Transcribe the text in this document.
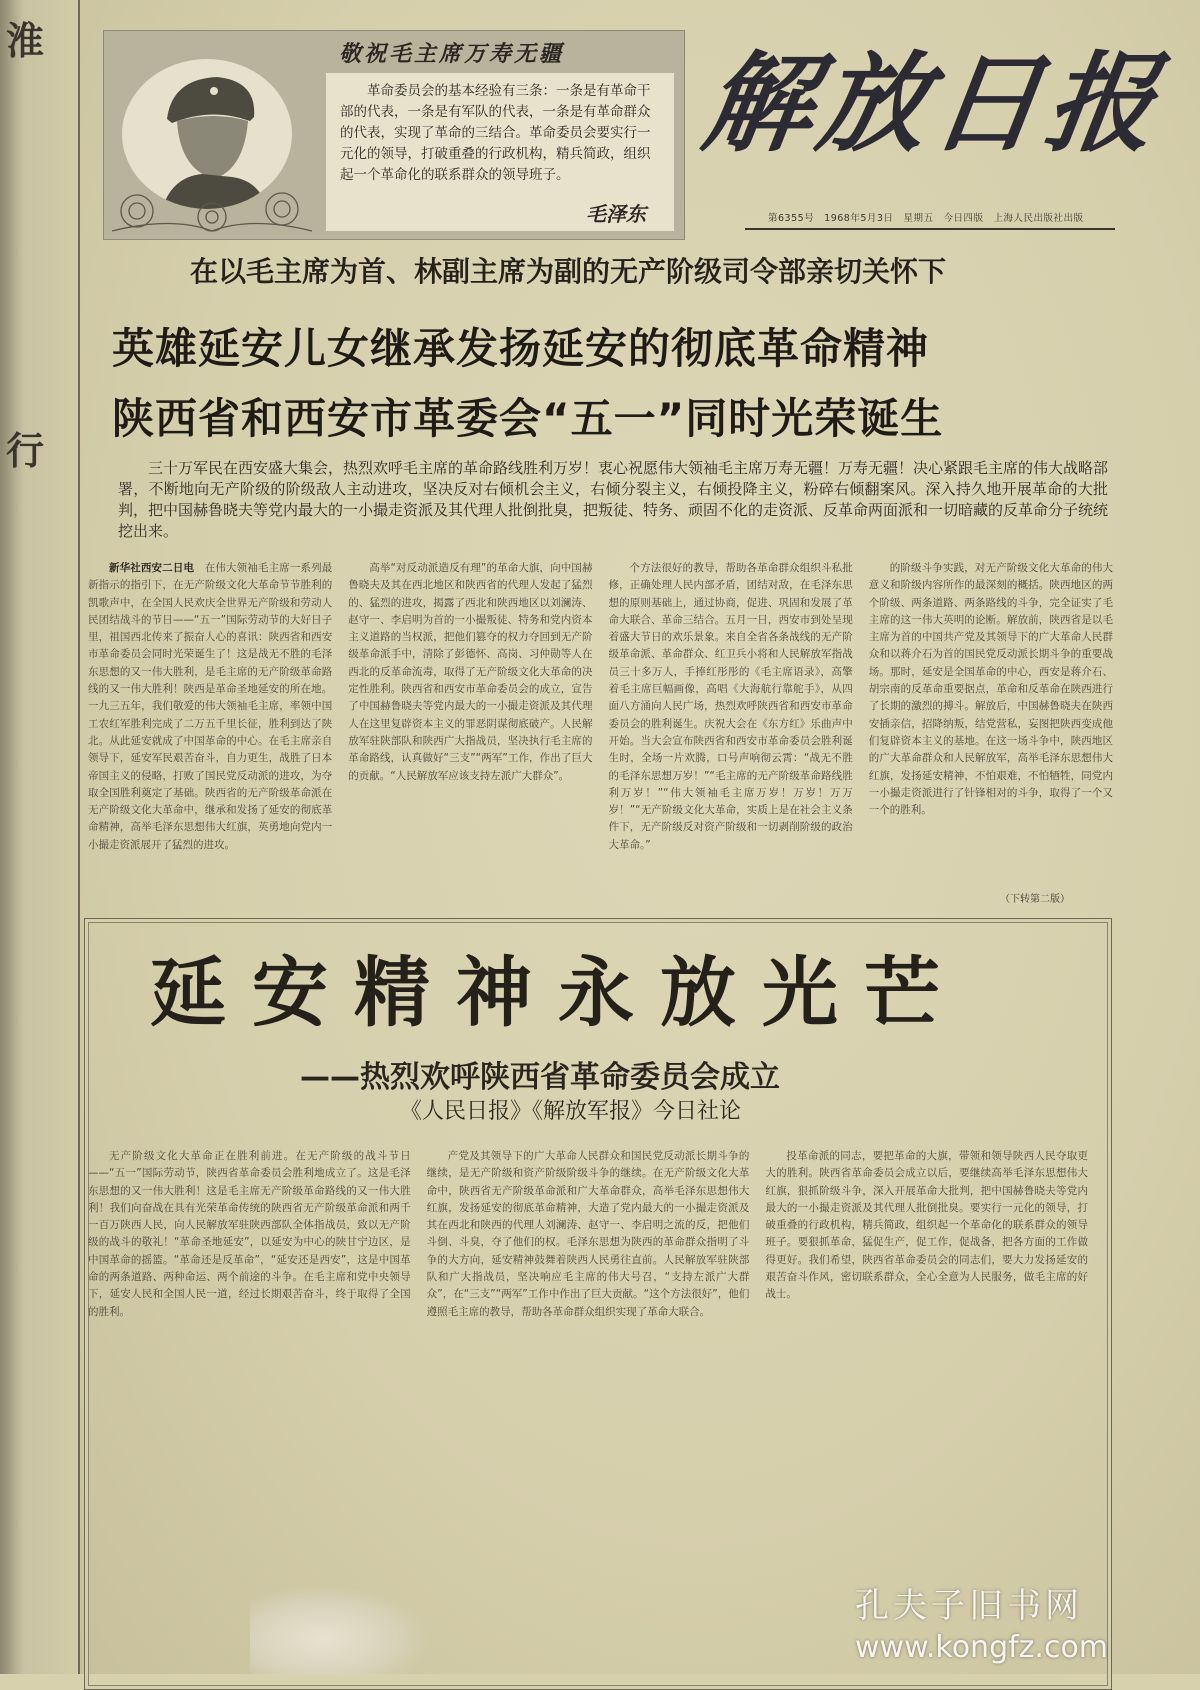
淮
行
敬祝毛主席万寿无疆
革命委员会的基本经验有三条：一条是有革命干部的代表，一条是有军队的代表，一条是有革命群众的代表，实现了革命的三结合。革命委员会要实行一元化的领导，打破重叠的行政机构，精兵简政，组织起一个革命化的联系群众的领导班子。
毛泽东
解放日报
第6355号　1968年5月3日　星期五　今日四版　上海人民出版社出版
在以毛主席为首、林副主席为副的无产阶级司令部亲切关怀下
英雄延安儿女继承发扬延安的彻底革命精神
陕西省和西安市革委会“五一”同时光荣诞生
三十万军民在西安盛大集会，热烈欢呼毛主席的革命路线胜利万岁！衷心祝愿伟大领袖毛主席万寿无疆！万寿无疆！决心紧跟毛主席的伟大战略部署，不断地向无产阶级的阶级敌人主动进攻，坚决反对右倾机会主义，右倾分裂主义，右倾投降主义，粉碎右倾翻案风。深入持久地开展革命的大批判，把中国赫鲁晓夫等党内最大的一小撮走资派及其代理人批倒批臭，把叛徒、特务、顽固不化的走资派、反革命两面派和一切暗藏的反革命分子统统挖出来。

新华社西安二日电　 在伟大领袖毛主席一系列最新指示的指引下，在无产阶级文化大革命节节胜利的凯歌声中，在全国人民欢庆全世界无产阶级和劳动人民团结战斗的节日——“五一”国际劳动节的大好日子里，祖国西北传来了振奋人心的喜讯：陕西省和西安市革命委员会同时光荣诞生了！这是战无不胜的毛泽东思想的又一伟大胜利，是毛主席的无产阶级革命路线的又一伟大胜利！陕西是革命圣地延安的所在地。一九三五年，我们敬爱的伟大领袖毛主席，率领中国工农红军胜利完成了二万五千里长征，胜利到达了陕北。从此延安就成了中国革命的中心。在毛主席亲自领导下，延安军民艰苦奋斗，自力更生，战胜了日本帝国主义的侵略，打败了国民党反动派的进攻，为夺取全国胜利奠定了基础。陕西省的无产阶级革命派在无产阶级文化大革命中，继承和发扬了延安的彻底革命精神，高举毛泽东思想伟大红旗，英勇地向党内一小撮走资派展开了猛烈的进攻。

高举“对反动派造反有理”的革命大旗，向中国赫鲁晓夫及其在西北地区和陕西省的代理人发起了猛烈的、猛烈的进攻，揭露了西北和陕西地区以刘澜涛、赵守一、李启明为首的一小撮叛徒、特务和党内资本主义道路的当权派，把他们篡夺的权力夺回到无产阶级革命派手中，清除了彭德怀、高岗、习仲勋等人在西北的反革命流毒，取得了无产阶级文化大革命的决定性胜利。陕西省和西安市革命委员会的成立，宣告了中国赫鲁晓夫等党内最大的一小撮走资派及其代理人在这里复辟资本主义的罪恶阴谋彻底破产。人民解放军驻陕部队和陕西广大指战员，坚决执行毛主席的革命路线，认真做好“三支”“两军”工作，作出了巨大的贡献。“人民解放军应该支持左派广大群众”。

个方法很好的教导，帮助各革命群众组织斗私批修，正确处理人民内部矛盾，团结对敌，在毛泽东思想的原则基础上，通过协商，促进、巩固和发展了革命大联合、革命三结合。五月一日，西安市到处呈现着盛大节日的欢乐景象。来自全省各条战线的无产阶级革命派、革命群众、红卫兵小将和人民解放军指战员三十多万人，手捧红彤彤的《毛主席语录》，高擎着毛主席巨幅画像，高唱《大海航行靠舵手》，从四面八方涌向人民广场，热烈欢呼陕西省和西安市革命委员会的胜利诞生。庆祝大会在《东方红》乐曲声中开始。当大会宣布陕西省和西安市革命委员会胜利诞生时，全场一片欢腾，口号声响彻云霄：“战无不胜的毛泽东思想万岁！”“毛主席的无产阶级革命路线胜利万岁！”“伟大领袖毛主席万岁！万岁！万万岁！”“无产阶级文化大革命，实质上是在社会主义条件下，无产阶级反对资产阶级和一切剥削阶级的政治大革命。”

的阶级斗争实践，对无产阶级文化大革命的伟大意义和阶级内容所作的最深刻的概括。陕西地区的两个阶级、两条道路、两条路线的斗争，完全证实了毛主席的这一伟大英明的论断。解放前，陕西省是以毛主席为首的中国共产党及其领导下的广大革命人民群众和以蒋介石为首的国民党反动派长期斗争的重要战场。那时，延安是全国革命的中心，西安是蒋介石、胡宗南的反革命重要据点，革命和反革命在陕西进行了长期的激烈的搏斗。解放后，中国赫鲁晓夫在陕西安插亲信，招降纳叛，结党营私，妄图把陕西变成他们复辟资本主义的基地。在这一场斗争中，陕西地区的广大革命群众和人民解放军，高举毛泽东思想伟大红旗，发扬延安精神，不怕艰难，不怕牺牲，同党内一小撮走资派进行了针锋相对的斗争，取得了一个又一个的胜利。

（下转第二版）
延安精神永放光芒
——热烈欢呼陕西省革命委员会成立
《人民日报》《解放军报》今日社论

无产阶级文化大革命正在胜利前进。在无产阶级的战斗节日——“五一”国际劳动节，陕西省革命委员会胜利地成立了。这是毛泽东思想的又一伟大胜利！这是毛主席无产阶级革命路线的又一伟大胜利！我们向奋战在具有光荣革命传统的陕西省无产阶级革命派和两千一百万陕西人民，向人民解放军驻陕西部队全体指战员，致以无产阶级的战斗的敬礼！“革命圣地延安”，以延安为中心的陕甘宁边区，是中国革命的摇篮。“革命还是反革命”，“延安还是西安”，这是中国革命的两条道路、两种命运、两个前途的斗争。在毛主席和党中央领导下，延安人民和全国人民一道，经过长期艰苦奋斗，终于取得了全国的胜利。

产党及其领导下的广大革命人民群众和国民党反动派长期斗争的继续，是无产阶级和资产阶级阶级斗争的继续。在无产阶级文化大革命中，陕西省无产阶级革命派和广大革命群众，高举毛泽东思想伟大红旗，发扬延安的彻底革命精神，大造了党内最大的一小撮走资派及其在西北和陕西的代理人刘澜涛、赵守一、李启明之流的反，把他们斗倒、斗臭，夺了他们的权。毛泽东思想为陕西的革命群众指明了斗争的大方向，延安精神鼓舞着陕西人民勇往直前。人民解放军驻陕部队和广大指战员，坚决响应毛主席的伟大号召，“支持左派广大群众”，在“三支”“两军”工作中作出了巨大贡献。“这个方法很好”，他们遵照毛主席的教导，帮助各革命群众组织实现了革命大联合。

投革命派的同志，要把革命的大旗，带领和领导陕西人民夺取更大的胜利。陕西省革命委员会成立以后，要继续高举毛泽东思想伟大红旗，狠抓阶级斗争，深入开展革命大批判，把中国赫鲁晓夫等党内最大的一小撮走资派及其代理人批倒批臭。要实行一元化的领导，打破重叠的行政机构，精兵简政，组织起一个革命化的联系群众的领导班子。要狠抓革命，猛促生产，促工作，促战备，把各方面的工作做得更好。我们希望，陕西省革命委员会的同志们，要大力发扬延安的艰苦奋斗作风，密切联系群众，全心全意为人民服务，做毛主席的好战士。

孔夫子旧书网
www.kongfz.com
